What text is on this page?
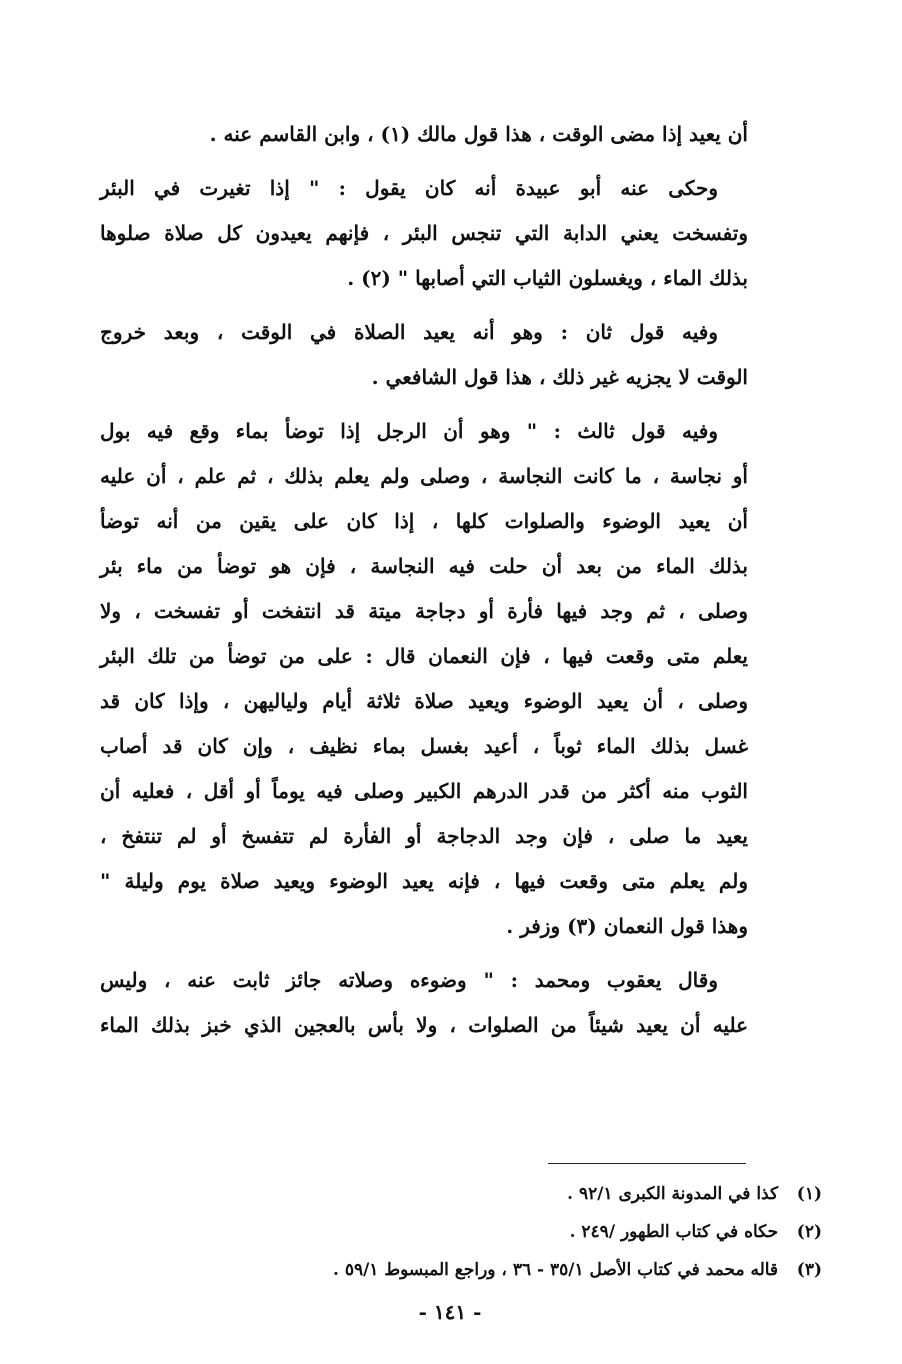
أن يعيد إذا مضى الوقت ، هذا قول مالك (١) ، وابن القاسم عنه .
وحكى عنه أبو عبيدة أنه كان يقول : " إذا تغيرت في البئر
وتفسخت يعني الدابة التي تنجس البئر ، فإنهم يعيدون كل صلاة صلوها
بذلك الماء ، ويغسلون الثياب التي أصابها " (٢) .
وفيه قول ثان : وهو أنه يعيد الصلاة في الوقت ، وبعد خروج
الوقت لا يجزيه غير ذلك ، هذا قول الشافعي .
وفيه قول ثالث : " وهو أن الرجل إذا توضأ بماء وقع فيه بول
أو نجاسة ، ما كانت النجاسة ، وصلى ولم يعلم بذلك ، ثم علم ، أن عليه
أن يعيد الوضوء والصلوات كلها ، إذا كان على يقين من أنه توضأ
بذلك الماء من بعد أن حلت فيه النجاسة ، فإن هو توضأ من ماء بئر
وصلى ، ثم وجد فيها فأرة أو دجاجة ميتة قد انتفخت أو تفسخت ، ولا
يعلم متى وقعت فيها ، فإن النعمان قال : على من توضأ من تلك البئر
وصلى ، أن يعيد الوضوء ويعيد صلاة ثلاثة أيام ولياليهن ، وإذا كان قد
غسل بذلك الماء ثوباً ، أعيد بغسل بماء نظيف ، وإن كان قد أصاب
الثوب منه أكثر من قدر الدرهم الكبير وصلى فيه يوماً أو أقل ، فعليه أن
يعيد ما صلى ، فإن وجد الدجاجة أو الفأرة لم تتفسخ أو لم تنتفخ ،
ولم يعلم متى وقعت فيها ، فإنه يعيد الوضوء ويعيد صلاة يوم وليلة "
وهذا قول النعمان (٣) وزفر .
وقال يعقوب ومحمد : " وضوءه وصلاته جائز ثابت عنه ، وليس
عليه أن يعيد شيئاً من الصلوات ، ولا بأس بالعجين الذي خبز بذلك الماء
(١) كذا في المدونة الكبرى ٩٢/١ .
(٢) حكاه في كتاب الطهور /٢٤٩ .
(٣) قاله محمد في كتاب الأصل ٣٥/١ - ٣٦ ، وراجع المبسوط ٥٩/١ .
- ١٤١ -
